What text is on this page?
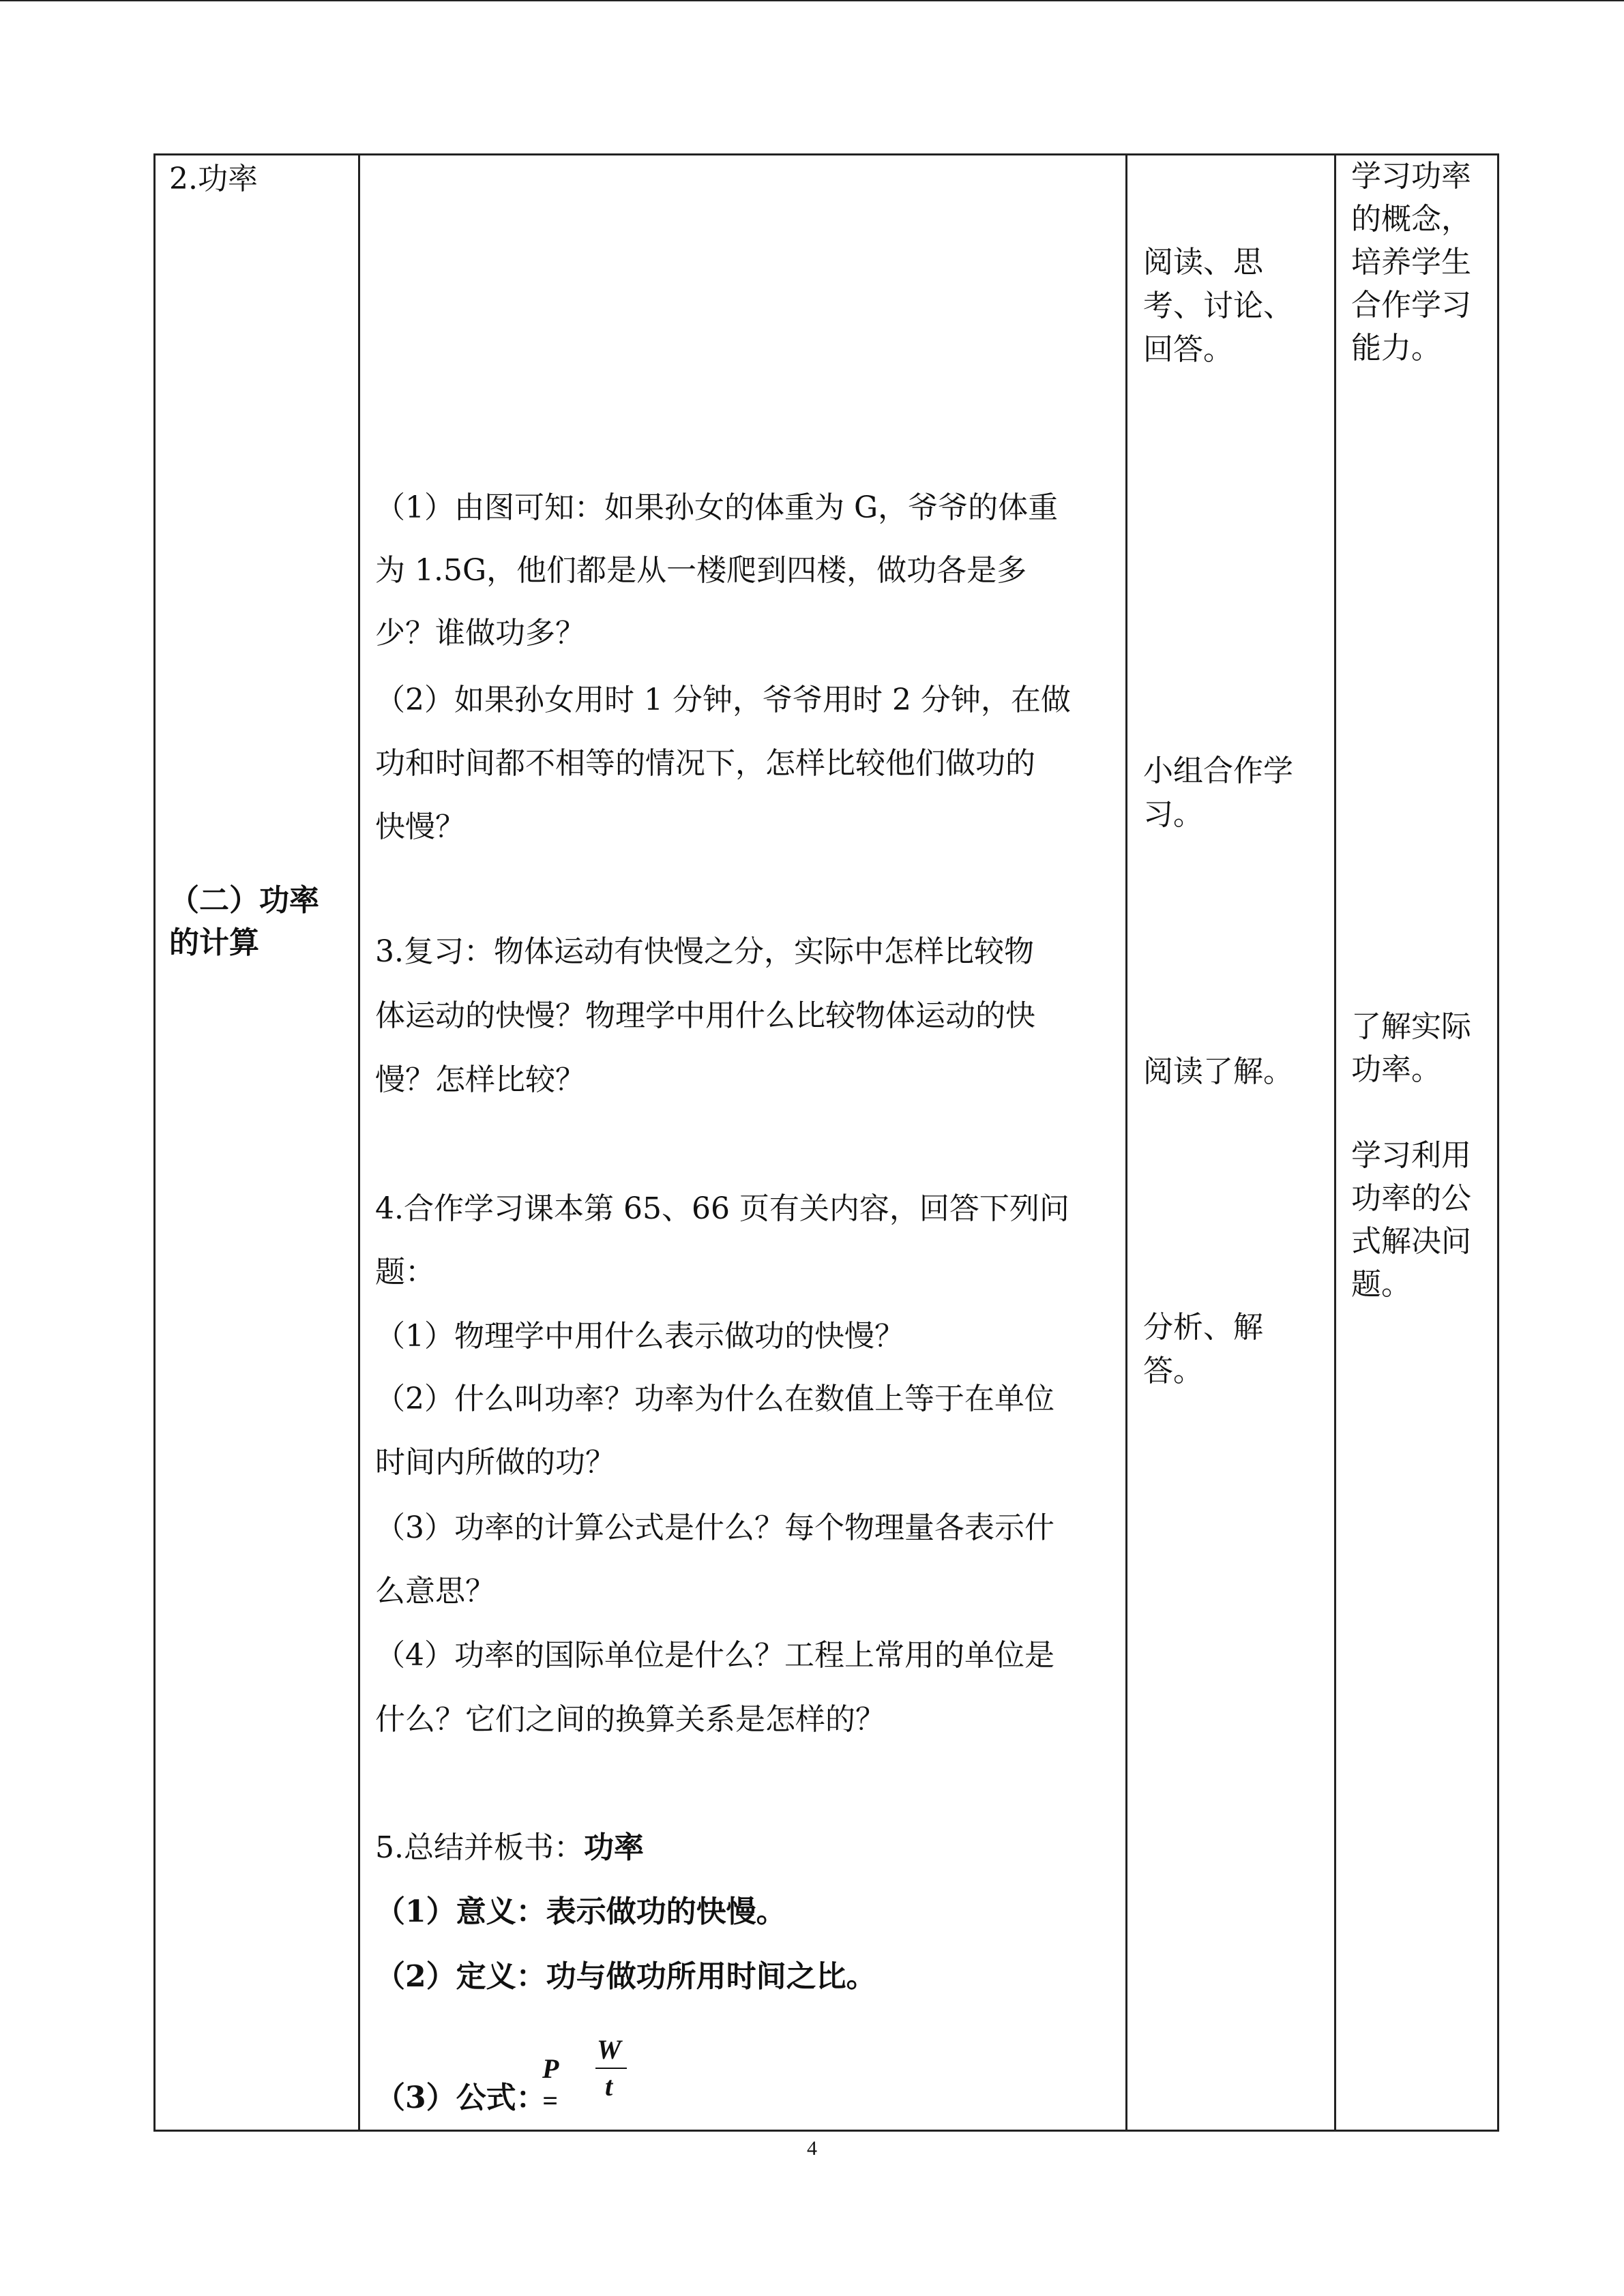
2.功率
（二）功率
的计算
（1）由图可知：如果孙女的体重为 G，爷爷的体重
为 1.5G，他们都是从一楼爬到四楼，做功各是多
少？谁做功多？
（2）如果孙女用时 1 分钟，爷爷用时 2 分钟，在做
功和时间都不相等的情况下，怎样比较他们做功的
快慢？
3.复习：物体运动有快慢之分，实际中怎样比较物
体运动的快慢？物理学中用什么比较物体运动的快
慢？怎样比较？
4.合作学习课本第 65、66 页有关内容，回答下列问
题：
（1）物理学中用什么表示做功的快慢？
（2）什么叫功率？功率为什么在数值上等于在单位
时间内所做的功？
（3）功率的计算公式是什么？每个物理量各表示什
么意思？
（4）功率的国际单位是什么？工程上常用的单位是
什么？它们之间的换算关系是怎样的？
5.总结并板书：功率
（1）意义：表示做功的快慢。
（2）定义：功与做功所用时间之比。
（3）公式：
P =
W
t
阅读、思
考、讨论、
回答。
小组合作学
习。
阅读了解。
分析、解
答。
学习功率
的概念，
培养学生
合作学习
能力。
了解实际
功率。
学习利用
功率的公
式解决问
题。
4
